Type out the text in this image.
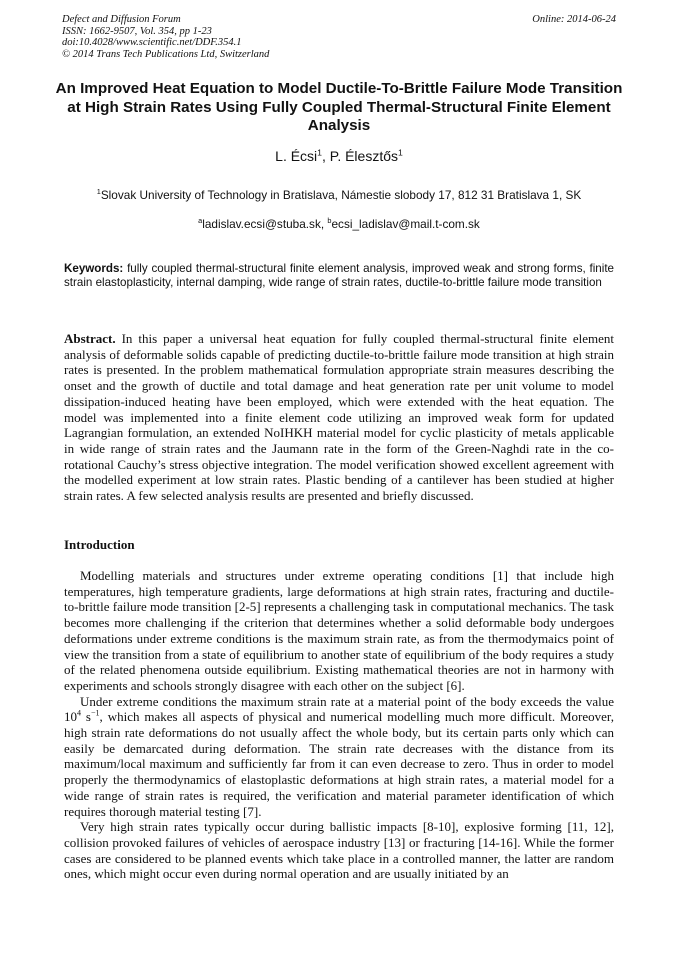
Defect and Diffusion Forum
ISSN: 1662-9507, Vol. 354, pp 1-23
doi:10.4028/www.scientific.net/DDF.354.1
© 2014 Trans Tech Publications Ltd, Switzerland
Online: 2014-06-24
An Improved Heat Equation to Model Ductile-To-Brittle Failure Mode Transition at High Strain Rates Using Fully Coupled Thermal-Structural Finite Element Analysis
L. Écsi$^1$, P. Élesztős$^1$
$^1$Slovak University of Technology in Bratislava, Námestie slobody 17, 812 31 Bratislava 1, SK
$^a$ladislav.ecsi@stuba.sk, $^b$ecsi_ladislav@mail.t-com.sk
Keywords: fully coupled thermal-structural finite element analysis, improved weak and strong forms, finite strain elastoplasticity, internal damping, wide range of strain rates, ductile-to-brittle failure mode transition
Abstract. In this paper a universal heat equation for fully coupled thermal-structural finite element analysis of deformable solids capable of predicting ductile-to-brittle failure mode transition at high strain rates is presented. In the problem mathematical formulation appropriate strain measures describing the onset and the growth of ductile and total damage and heat generation rate per unit volume to model dissipation-induced heating have been employed, which were extended with the heat equation. The model was implemented into a finite element code utilizing an improved weak form for updated Lagrangian formulation, an extended NoIHKH material model for cyclic plasticity of metals applicable in wide range of strain rates and the Jaumann rate in the form of the Green-Naghdi rate in the co-rotational Cauchy’s stress objective integration. The model verification showed excellent agreement with the modelled experiment at low strain rates. Plastic bending of a cantilever has been studied at higher strain rates. A few selected analysis results are presented and briefly discussed.
Introduction

Modelling materials and structures under extreme operating conditions [1] that include high temperatures, high temperature gradients, large deformations at high strain rates, fracturing and ductile-to-brittle failure mode transition [2-5] represents a challenging task in computational mechanics. The task becomes more challenging if the criterion that determines whether a solid deformable body undergoes deformations under extreme conditions is the maximum strain rate, as from the thermodymaics point of view the transition from a state of equilibrium to another state of equilibrium of the body requires a study of the related phenomena outside equilibrium. Existing mathematical theories are not in harmony with experiments and schools strongly disagree with each other on the subject [6].

Under extreme conditions the maximum strain rate at a material point of the body exceeds the value $10^4$ $s^{-1}$, which makes all aspects of physical and numerical modelling much more difficult. Moreover, high strain rate deformations do not usually affect the whole body, but its certain parts only which can easily be demarcated during deformation. The strain rate decreases with the distance from its maximum/local maximum and sufficiently far from it can even decrease to zero. Thus in order to model properly the thermodynamics of elastoplastic deformations at high strain rates, a material model for a wide range of strain rates is required, the verification and material parameter identification of which requires thorough material testing [7].

Very high strain rates typically occur during ballistic impacts [8-10], explosive forming [11, 12], collision provoked failures of vehicles of aerospace industry [13] or fracturing [14-16]. While the former cases are considered to be planned events which take place in a controlled manner, the latter are random ones, which might occur even during normal operation and are usually initiated by an
